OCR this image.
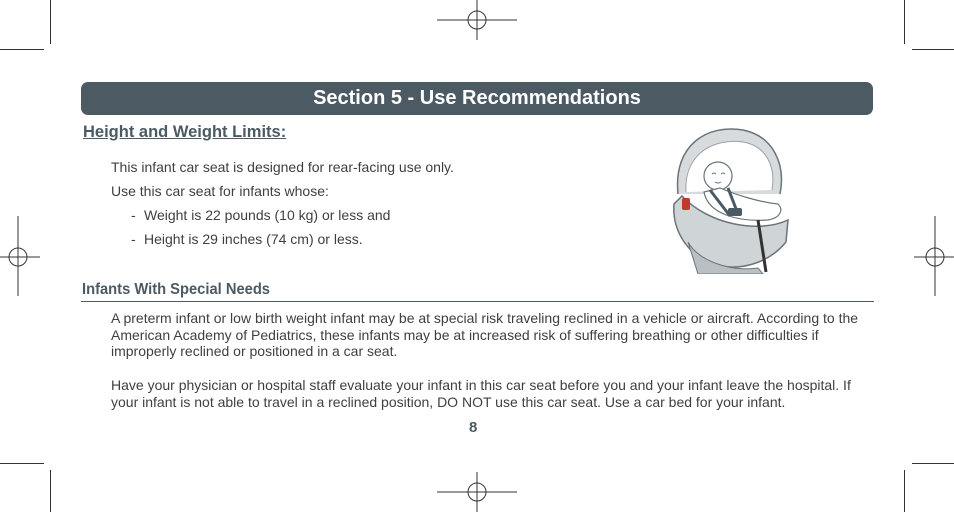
Section 5 - Use Recommendations
Height and Weight Limits:
This infant car seat is designed for rear-facing use only.
Use this car seat for infants whose:
- Weight is 22 pounds (10 kg) or less and
- Height is 29 inches (74 cm) or less.
Infants With Special Needs
A preterm infant or low birth weight infant may be at special risk traveling reclined in a vehicle or aircraft. According to the American Academy of Pediatrics, these infants may be at increased risk of suffering breathing or other difficulties if improperly reclined or positioned in a car seat.
Have your physician or hospital staff evaluate your infant in this car seat before you and your infant leave the hospital. If your infant is not able to travel in a reclined position, DO NOT use this car seat. Use a car bed for your infant.
8
